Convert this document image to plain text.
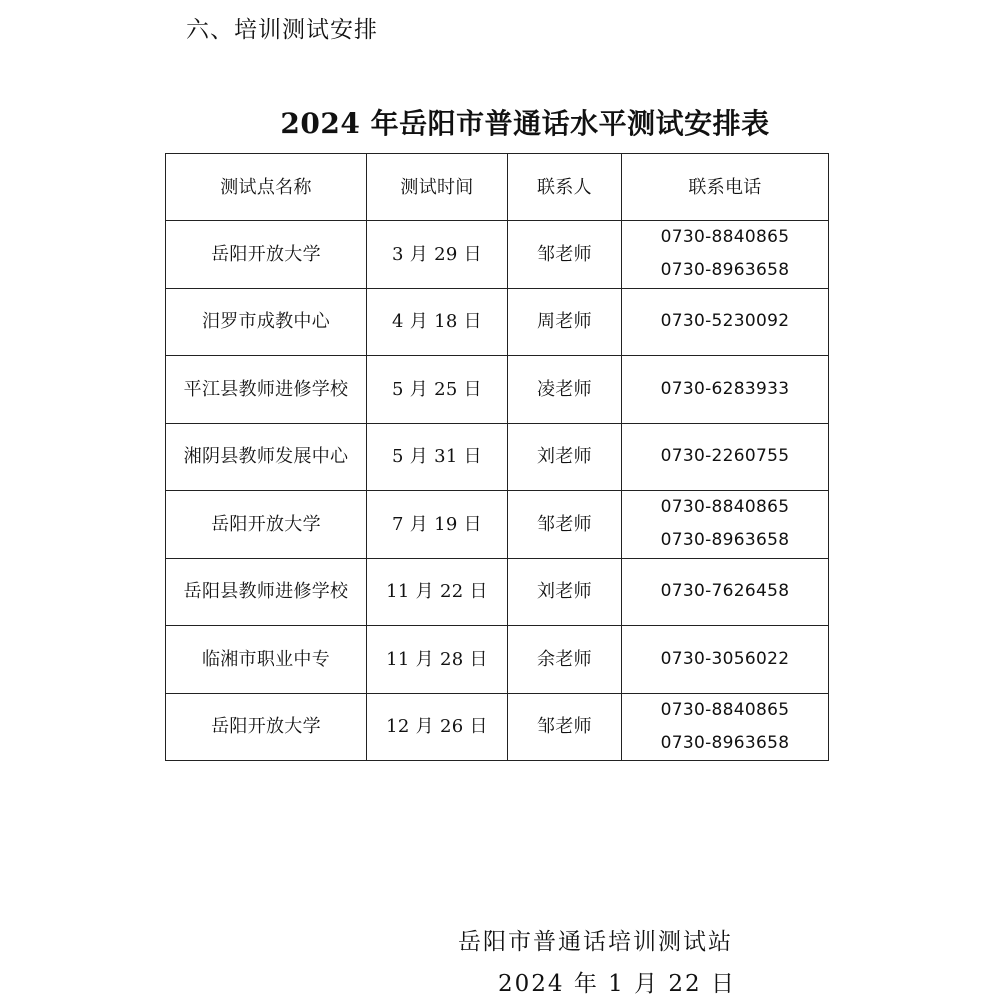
六、培训测试安排
2024 年岳阳市普通话水平测试安排表
测试点名称	测试时间	联系人	联系电话
岳阳开放大学	3 月 29 日	邹老师	0730-8840865
0730-8963658

汨罗市成教中心	4 月 18 日	周老师	0730-5230092

平江县教师进修学校	5 月 25 日	凌老师	0730-6283933

湘阴县教师发展中心	5 月 31 日	刘老师	0730-2260755

岳阳开放大学	7 月 19 日	邹老师	0730-8840865
0730-8963658

岳阳县教师进修学校	11 月 22 日	刘老师	0730-7626458

临湘市职业中专	11 月 28 日	余老师	0730-3056022

岳阳开放大学	12 月 26 日	邹老师	0730-8840865
0730-8963658
岳阳市普通话培训测试站
2024 年 1 月 22 日
